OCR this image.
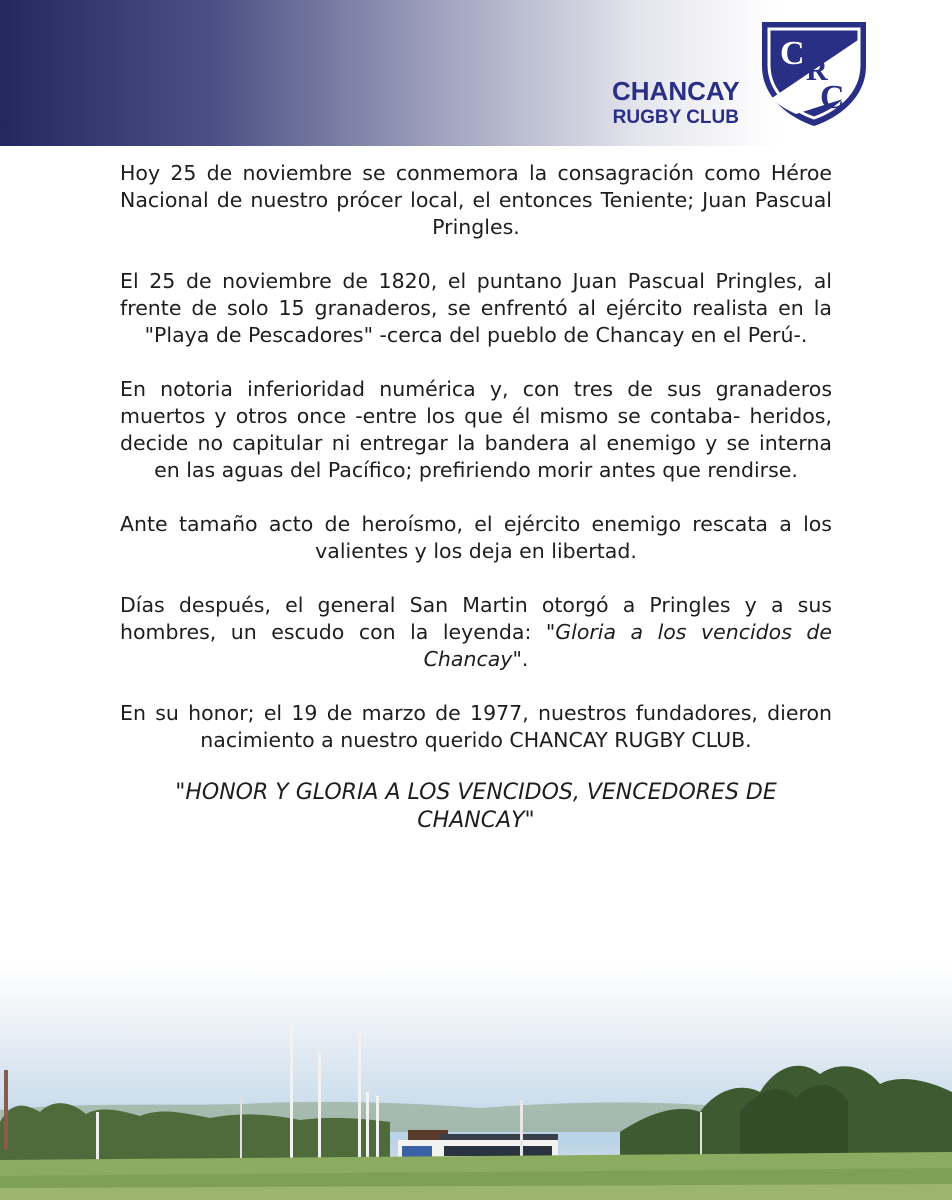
CHANCAY
RUGBY CLUB
C R
C

Hoy 25 de noviembre se conmemora la consagración como Héroe Nacional de nuestro prócer local, el entonces Teniente; Juan Pascual Pringles.

El 25 de noviembre de 1820, el puntano Juan Pascual Pringles, al frente de solo 15 granaderos, se enfrentó al ejército realista en la "Playa de Pescadores" -cerca del pueblo de Chancay en el Perú-.

En notoria inferioridad numérica y, con tres de sus granaderos muertos y otros once -entre los que él mismo se contaba- heridos, decide no capitular ni entregar la bandera al enemigo y se interna en las aguas del Pacífico; prefiriendo morir antes que rendirse.

Ante tamaño acto de heroísmo, el ejército enemigo rescata a los valientes y los deja en libertad.

Días después, el general San Martin otorgó a Pringles y a sus hombres, un escudo con la leyenda: "Gloria a los vencidos de Chancay".

En su honor; el 19 de marzo de 1977, nuestros fundadores, dieron nacimiento a nuestro querido CHANCAY RUGBY CLUB.

"HONOR Y GLORIA A LOS VENCIDOS, VENCEDORES DE CHANCAY"
